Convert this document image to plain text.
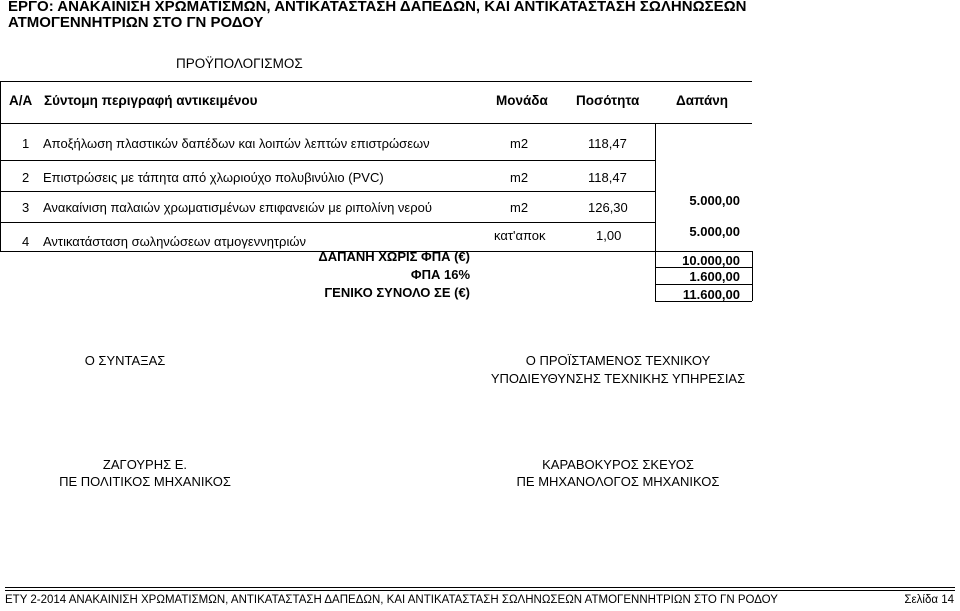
ΕΡΓΟ: ΑΝΑΚΑΙΝΙΣΗ ΧΡΩΜΑΤΙΣΜΩΝ, ΑΝΤΙΚΑΤΑΣΤΑΣΗ ΔΑΠΕΔΩΝ, ΚΑΙ ΑΝΤΙΚΑΤΑΣΤΑΣΗ ΣΩΛΗΝΩΣΕΩΝ
ΑΤΜΟΓΕΝΝΗΤΡΙΩΝ ΣΤΟ ΓΝ ΡΟΔΟΥ
ΠΡΟΫΠΟΛΟΓΙΣΜΟΣ
Α/Α Σύντομη περιγραφή αντικειμένου	Μονάδα Ποσότητα	Δαπάνη
1 Αποξήλωση πλαστικών δαπέδων και λοιπών λεπτών επιστρώσεων	m2	118,47
2 Επιστρώσεις με τάπητα από χλωριούχο πολυβινύλιο (PVC)	m2	118,47
3 Ανακαίνιση παλαιών χρωματισμένων επιφανειών με ριπολίνη νερού	m2	126,30	5.000,00
4 Αντικατάσταση σωληνώσεων ατμογεννητριών	κατ'αποκ	1,00	5.000,00
ΔΑΠΑΝΗ ΧΩΡΙΣ ΦΠΑ (€)	10.000,00
ΦΠΑ 16%	1.600,00
ΓΕΝΙΚΟ ΣΥΝΟΛΟ ΣΕ (€)	11.600,00
Ο ΣΥΝΤΑΞΑΣ	Ο ΠΡΟΪΣΤΑΜΕΝΟΣ ΤΕΧΝΙΚΟΥ
ΥΠΟΔΙΕΥΘΥΝΣΗΣ ΤΕΧΝΙΚΗΣ ΥΠΗΡΕΣΙΑΣ
ΖΑΓΟΥΡΗΣ Ε.
ΠΕ ΠΟΛΙΤΙΚΟΣ ΜΗΧΑΝΙΚΟΣ
ΚΑΡΑΒΟΚΥΡΟΣ ΣΚΕΥΟΣ
ΠΕ ΜΗΧΑΝΟΛΟΓΟΣ ΜΗΧΑΝΙΚΟΣ
ΕΤΥ 2-2014 ΑΝΑΚΑΙΝΙΣΗ ΧΡΩΜΑΤΙΣΜΩΝ, ΑΝΤΙΚΑΤΑΣΤΑΣΗ ΔΑΠΕΔΩΝ, ΚΑΙ ΑΝΤΙΚΑΤΑΣΤΑΣΗ ΣΩΛΗΝΩΣΕΩΝ ΑΤΜΟΓΕΝΝΗΤΡΙΩΝ ΣΤΟ ΓΝ ΡΟΔΟΥ	Σελίδα 14
